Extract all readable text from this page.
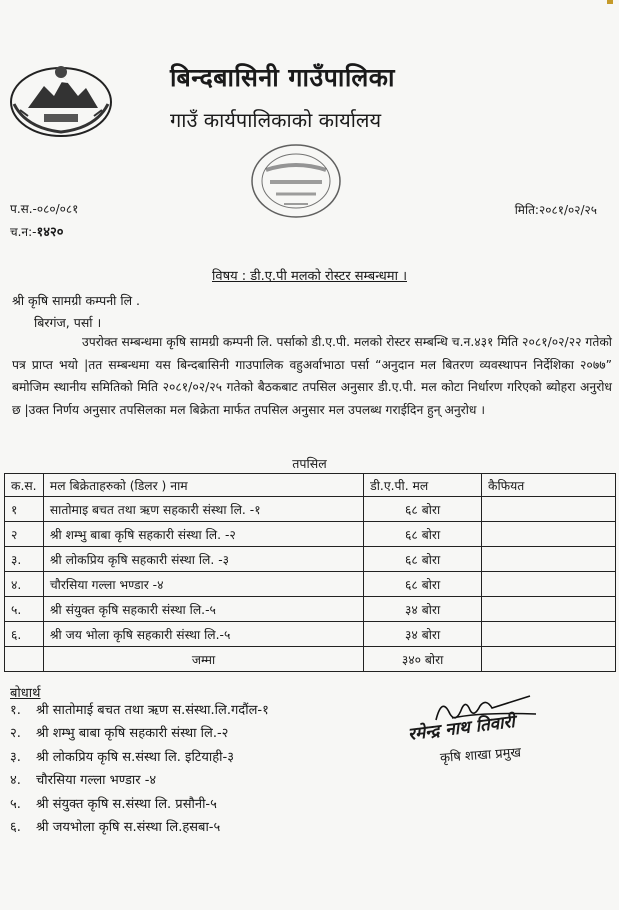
बिन्दबासिनी गाउँपालिका
गाउँ कार्यपालिकाको कार्यालय
प.स.-०८०/०८१
च.न:-१४२०
मिति:२०८१/०२/२५
विषय : डी.ए.पी मलको रोस्टर सम्बन्धमा ।
श्री कृषि सामग्री कम्पनी लि .
बिरगंज, पर्सा ।
उपरोक्त सम्बन्धमा कृषि सामग्री कम्पनी लि. पर्साको डी.ए.पी. मलको रोस्टर सम्बन्धि च.न.४३१ मिति २०८१/०२/२२ गतेको पत्र प्राप्त भयो |तत सम्बन्धमा यस बिन्दबासिनी गाउपालिक वहुअर्वाभाठा पर्सा “अनुदान मल बितरण व्यवस्थापन निर्देशिका २०७७” बमोजिम स्थानीय समितिको मिति २०८१/०२/२५ गतेको बैठकबाट तपसिल अनुसार डी.ए.पी. मल कोटा निर्धारण गरिएको ब्योहरा अनुरोध छ |उक्त निर्णय अनुसार तपसिलका मल बिक्रेता मार्फत तपसिल अनुसार मल उपलब्ध गराईदिन हुन् अनुरोध ।
तपसिल
क.स.	मल बिक्रेताहरुको (डिलर ) नाम	डी.ए.पी. मल	कैफियत
१	सातोमाइ बचत तथा ऋण सहकारी संस्था लि. -१	६८ बोरा	
२	श्री शम्भु बाबा कृषि सहकारी संस्था लि. -२	६८ बोरा	
३.	श्री लोकप्रिय कृषि सहकारी संस्था लि. -३	६८ बोरा	
४.	चौरसिया गल्ला भण्डार -४	६८ बोरा	
५.	श्री संयुक्त कृषि सहकारी संस्था लि.-५	३४ बोरा	
६.	श्री जय भोला कृषि सहकारी संस्था लि.-५	३४ बोरा	
	जम्मा	३४० बोरा	
बोधार्थ
१. श्री सातोमाई बचत तथा ऋण स.संस्था.लि.गदौंल-१
२. श्री शम्भु बाबा कृषि सहकारी संस्था लि.-२
३. श्री लोकप्रिय कृषि स.संस्था लि. इटियाही-३
४. चौरसिया गल्ला भण्डार -४
५. श्री संयुक्त कृषि स.संस्था लि. प्रसौनी-५
६. श्री जयभोला कृषि स.संस्था लि.हसबा-५
रमेन्द्र नाथ तिवारी
कृषि शाखा प्रमुख
